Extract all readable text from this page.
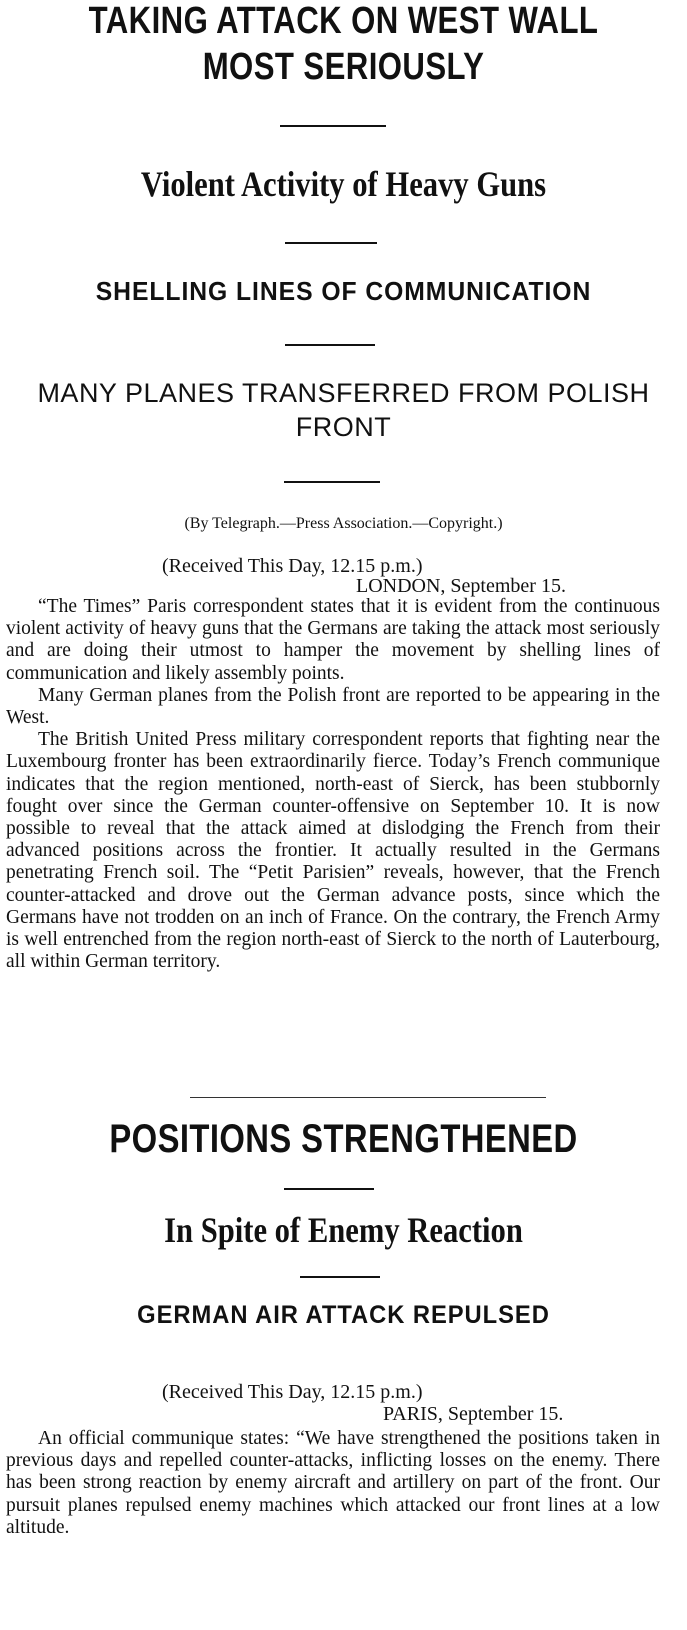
TAKING ATTACK ON WEST WALL
MOST SERIOUSLY
Violent Activity of Heavy Guns
SHELLING LINES OF COMMUNICATION
MANY PLANES TRANSFERRED FROM POLISH
FRONT
(By Telegraph.—Press Association.—Copyright.)
(Received This Day, 12.15 p.m.)
LONDON, September 15.

“The Times” Paris correspondent states that it is evident from the continuous violent activity of heavy guns that the Germans are taking the attack most seriously and are doing their utmost to hamper the movement by shelling lines of communication and likely assembly points.

Many German planes from the Polish front are reported to be appearing in the West.

The British United Press military correspondent reports that fighting near the Luxembourg fronter has been extraordinarily fierce. Today’s French communique indicates that the region mentioned, north-east of Sierck, has been stubbornly fought over since the German counter-offensive on September 10. It is now possible to reveal that the attack aimed at dislodging the French from their advanced positions across the frontier. It actually resulted in the Germans penetrating French soil. The “Petit Parisien” reveals, however, that the French counter-attacked and drove out the German advance posts, since which the Germans have not trodden on an inch of France. On the contrary, the French Army is well entrenched from the region north-east of Sierck to the north of Lauterbourg, all within German territory.

POSITIONS STRENGTHENED
In Spite of Enemy Reaction
GERMAN AIR ATTACK REPULSED
(Received This Day, 12.15 p.m.)
PARIS, September 15.

An official communique states: “We have strengthened the positions taken in previous days and repelled counter-attacks, inflicting losses on the enemy. There has been strong reaction by enemy aircraft and artillery on part of the front. Our pursuit planes repulsed enemy machines which attacked our front lines at a low altitude.
